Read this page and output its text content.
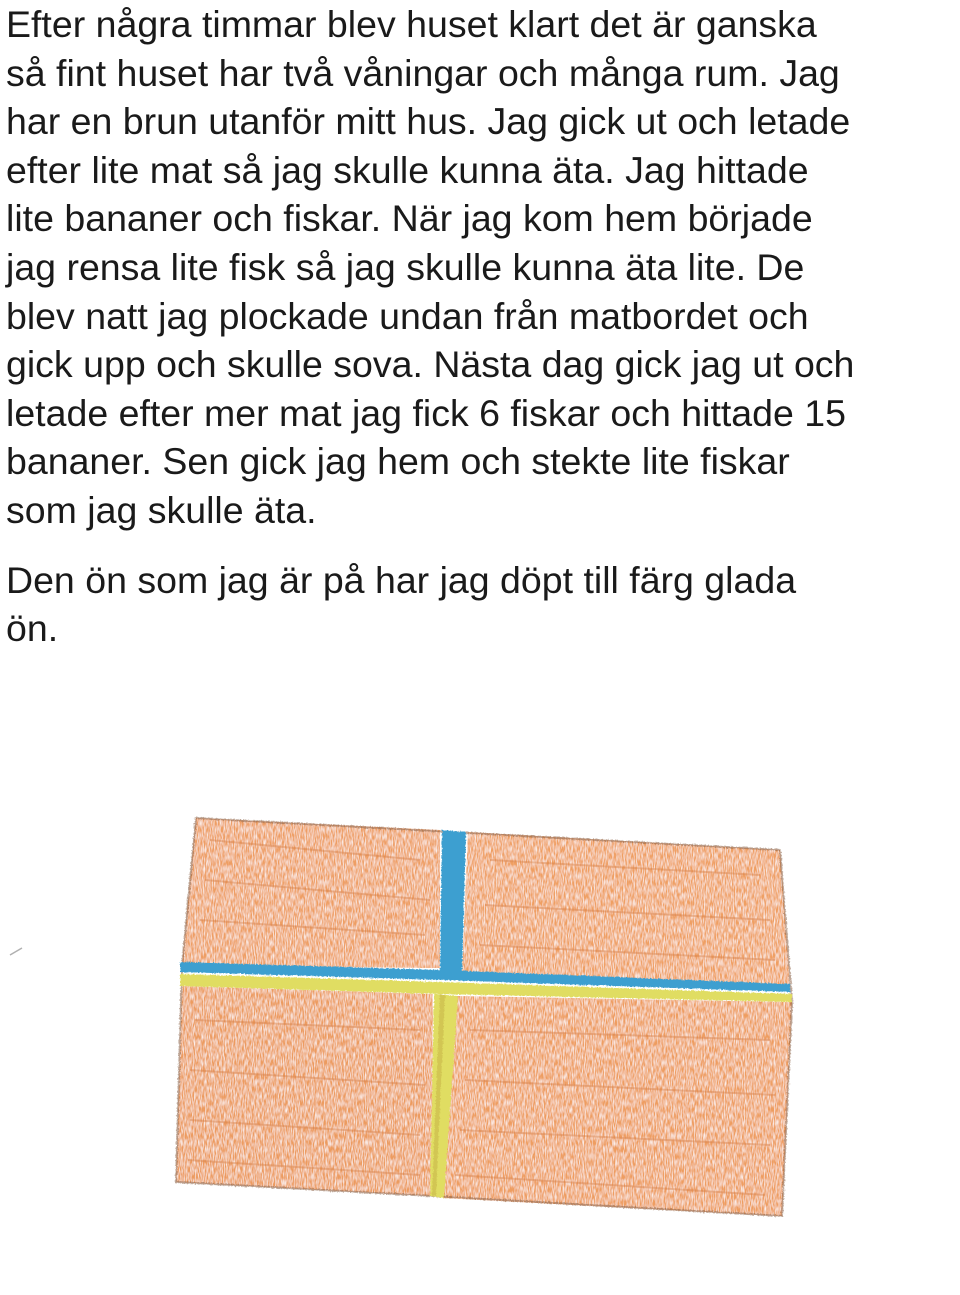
Efter några timmar blev huset klart det är ganska
så fint huset har två våningar och många rum. Jag
har en brun utanför mitt hus. Jag gick ut och letade
efter lite mat så jag skulle kunna äta. Jag hittade
lite bananer och fiskar. När jag kom hem började
jag rensa lite fisk så jag skulle kunna äta lite. De
blev natt jag plockade undan från matbordet och
gick upp och skulle sova. Nästa dag gick jag ut och
letade efter mer mat jag fick 6 fiskar och hittade 15
bananer. Sen gick jag hem och stekte lite fiskar
som jag skulle äta.

Den ön som jag är på har jag döpt till färg glada
ön.
